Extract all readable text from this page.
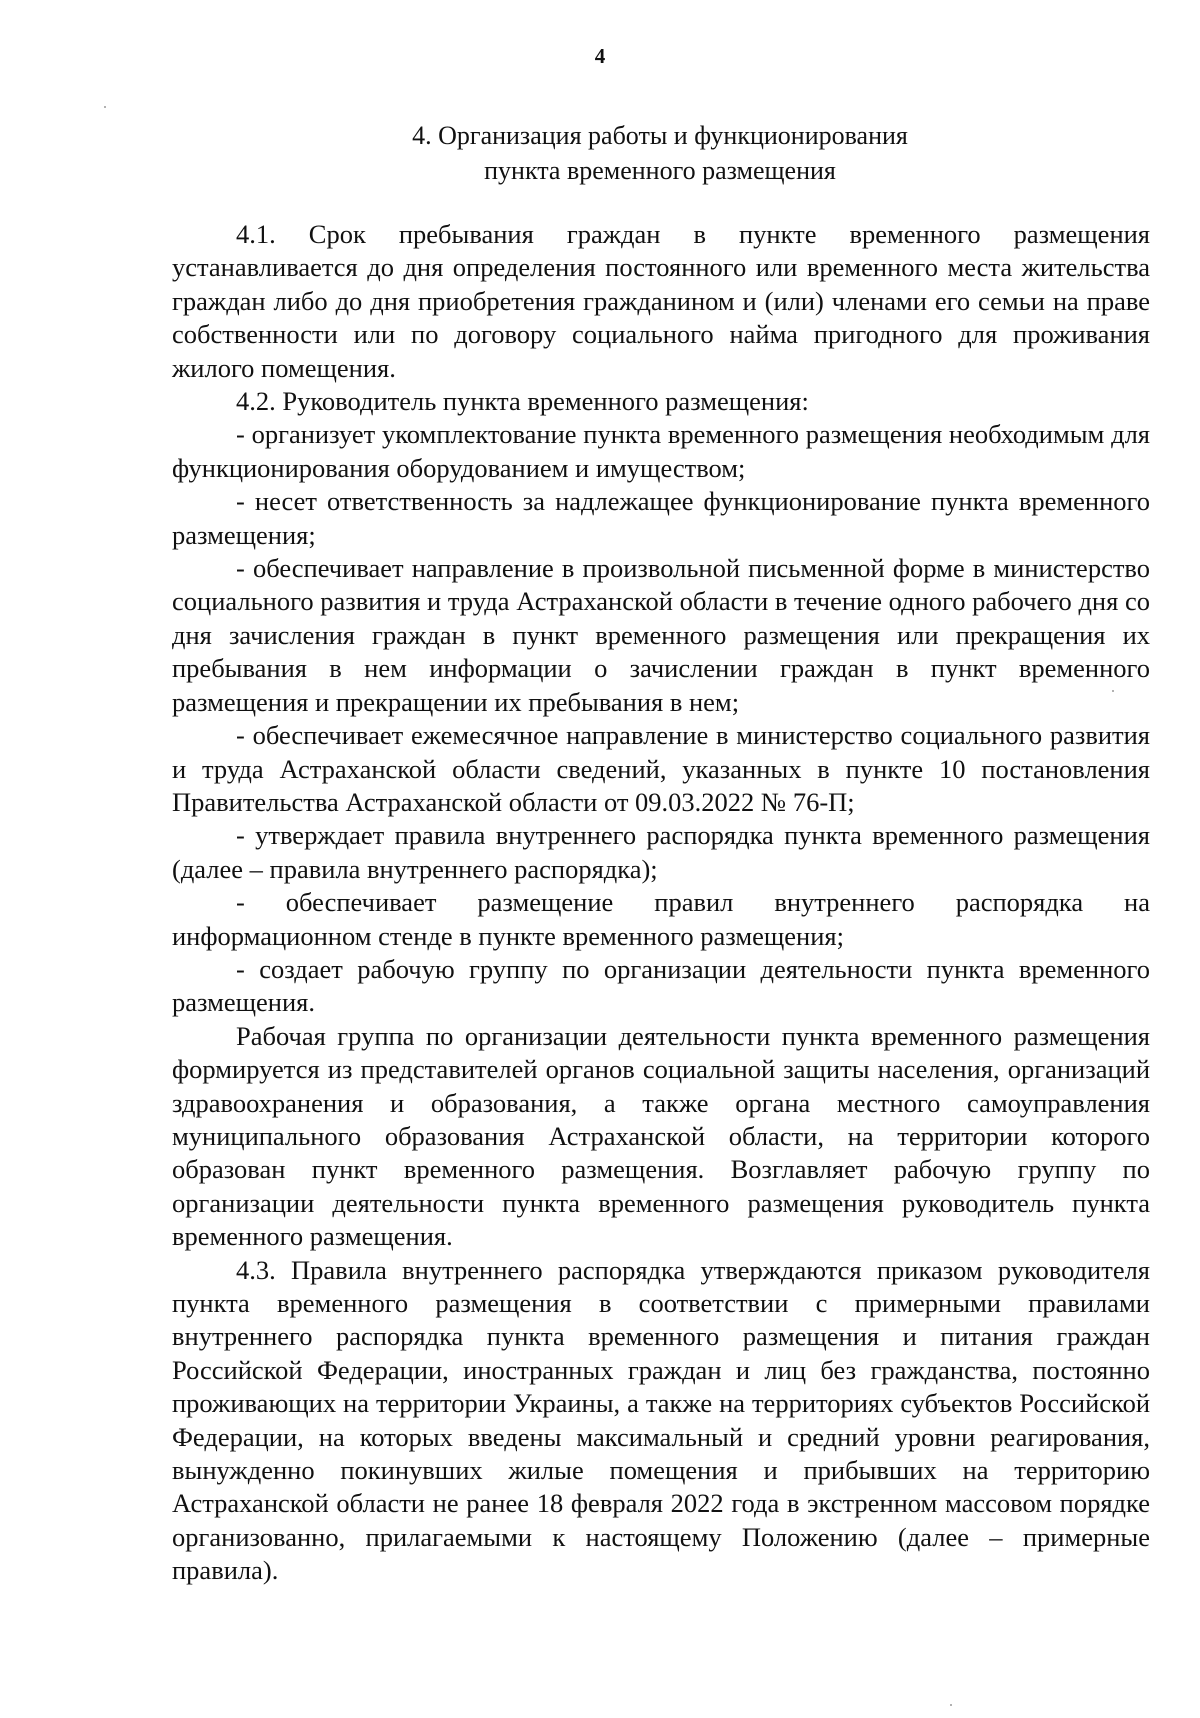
4
4. Организация работы и функционирования
пункта временного размещения

4.1. Срок пребывания граждан в пункте временного размещения устанавливается до дня определения постоянного или временного места жительства граждан либо до дня приобретения гражданином и (или) членами его семьи на праве собственности или по договору социального найма пригодного для проживания жилого помещения.

4.2. Руководитель пункта временного размещения:

- организует укомплектование пункта временного размещения необходимым для функционирования оборудованием и имуществом;

- несет ответственность за надлежащее функционирование пункта временного размещения;

- обеспечивает направление в произвольной письменной форме в министерство социального развития и труда Астраханской области в течение одного рабочего дня со дня зачисления граждан в пункт временного размещения или прекращения их пребывания в нем информации о зачислении граждан в пункт временного размещения и прекращении их пребывания в нем;

- обеспечивает ежемесячное направление в министерство социального развития и труда Астраханской области сведений, указанных в пункте 10 постановления Правительства Астраханской области от 09.03.2022 № 76-П;

- утверждает правила внутреннего распорядка пункта временного размещения (далее – правила внутреннего распорядка);

- обеспечивает размещение правил внутреннего распорядка на информационном стенде в пункте временного размещения;

- создает рабочую группу по организации деятельности пункта временного размещения.

Рабочая группа по организации деятельности пункта временного размещения формируется из представителей органов социальной защиты населения, организаций здравоохранения и образования, а также органа местного самоуправления муниципального образования Астраханской области, на территории которого образован пункт временного размещения. Возглавляет рабочую группу по организации деятельности пункта временного размещения руководитель пункта временного размещения.

4.3. Правила внутреннего распорядка утверждаются приказом руководителя пункта временного размещения в соответствии с примерными правилами внутреннего распорядка пункта временного размещения и питания граждан Российской Федерации, иностранных граждан и лиц без гражданства, постоянно проживающих на территории Украины, а также на территориях субъектов Российской Федерации, на которых введены максимальный и средний уровни реагирования, вынужденно покинувших жилые помещения и прибывших на территорию Астраханской области не ранее 18 февраля 2022 года в экстренном массовом порядке организованно, прилагаемыми к настоящему Положению (далее – примерные правила).
